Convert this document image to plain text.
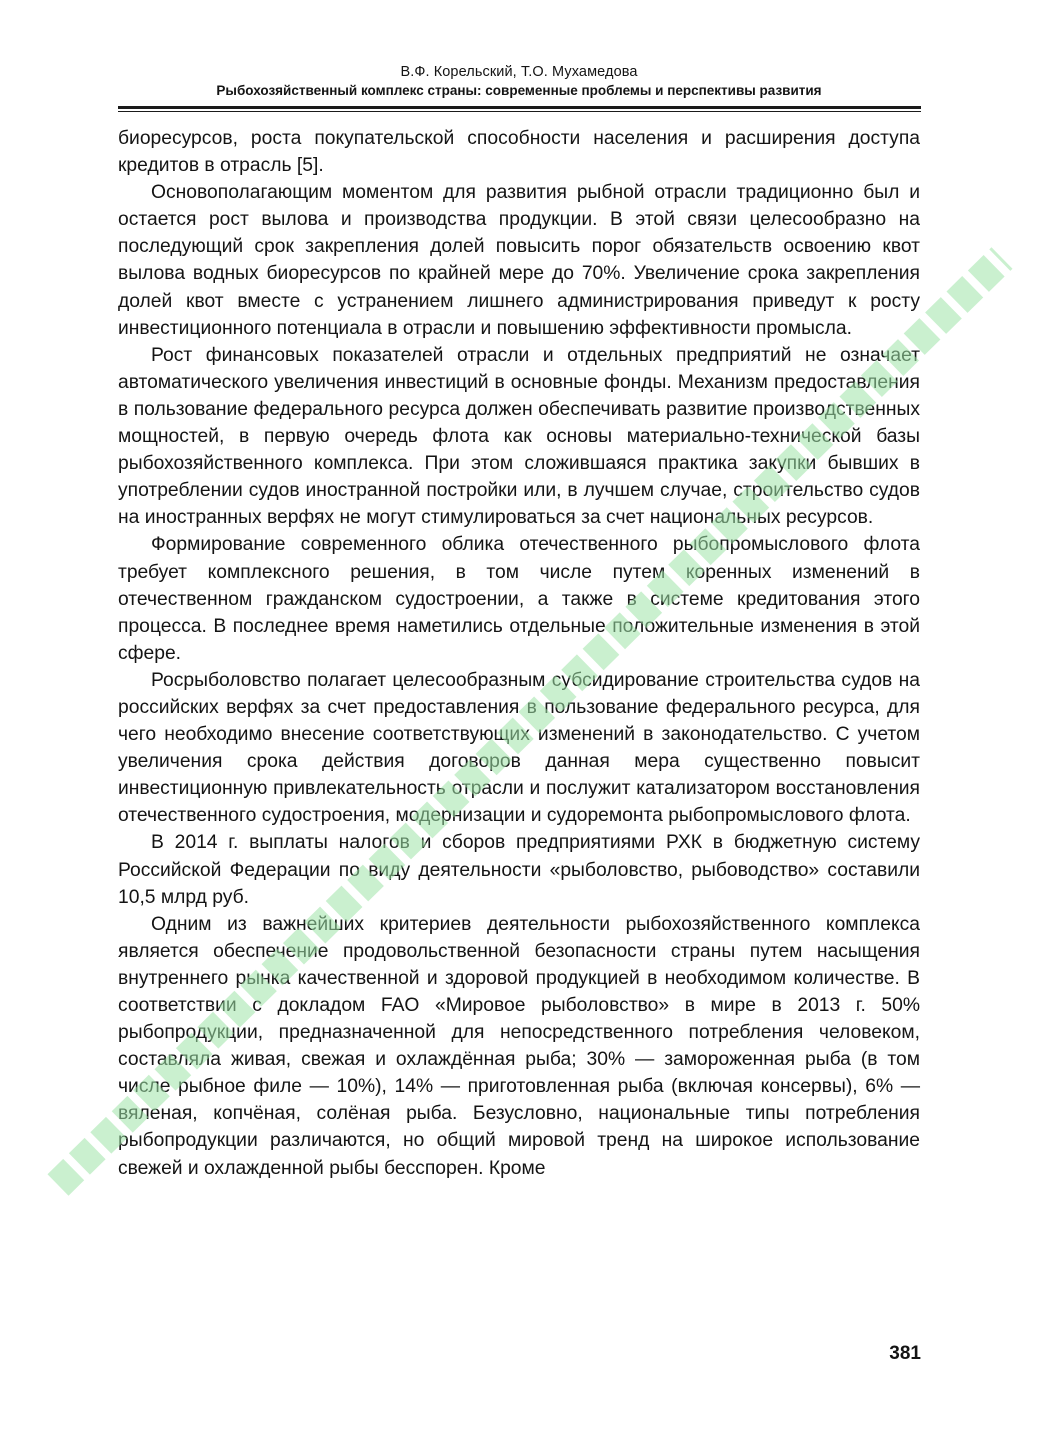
В.Ф. Корельский, Т.О. Мухамедова
Рыбохозяйственный комплекс страны: современные проблемы и перспективы развития

биоресурсов, роста покупательской способности населения и расширения доступа кредитов в отрасль [5].

Основополагающим моментом для развития рыбной отрасли традиционно был и остается рост вылова и производства продукции. В этой связи целесообразно на последующий срок закрепления долей повысить порог обязательств освоению квот вылова водных биоресурсов по крайней мере до 70%. Увеличение срока закрепления долей квот вместе с устранением лишнего администрирования приведут к росту инвестиционного потенциала в отрасли и повышению эффективности промысла.

Рост финансовых показателей отрасли и отдельных предприятий не означает автоматического увеличения инвестиций в основные фонды. Механизм предоставления в пользование федерального ресурса должен обеспечивать развитие производственных мощностей, в первую очередь флота как основы материально-технической базы рыбохозяйственного комплекса. При этом сложившаяся практика закупки бывших в употреблении судов иностранной постройки или, в лучшем случае, строительство судов на иностранных верфях не могут стимулироваться за счет национальных ресурсов.

Формирование современного облика отечественного рыбопромыслового флота требует комплексного решения, в том числе путем коренных изменений в отечественном гражданском судостроении, а также в системе кредитования этого процесса. В последнее время наметились отдельные положительные изменения в этой сфере.

Росрыболовство полагает целесообразным субсидирование строительства судов на российских верфях за счет предоставления в пользование федерального ресурса, для чего необходимо внесение соответствующих изменений в законодательство. С учетом увеличения срока действия договоров данная мера существенно повысит инвестиционную привлекательность отрасли и послужит катализатором восстановления отечественного судостроения, модернизации и судоремонта рыбопромыслового флота.

В 2014 г. выплаты налогов и сборов предприятиями РХК в бюджетную систему Российской Федерации по виду деятельности «рыболовство, рыбоводство» составили 10,5 млрд руб.

Одним из важнейших критериев деятельности рыбохозяйственного комплекса является обеспечение продовольственной безопасности страны путем насыщения внутреннего рынка качественной и здоровой продукцией в необходимом количестве. В соответствии с докладом FAO «Мировое рыболовство» в мире в 2013 г. 50% рыбопродукции, предназначенной для непосредственного потребления человеком, составляла живая, свежая и охлаждённая рыба; 30% — замороженная рыба (в том числе рыбное филе — 10%), 14% — приготовленная рыба (включая консервы), 6% — вяленая, копчёная, солёная рыба. Безусловно, национальные типы потребления рыбопродукции различаются, но общий мировой тренд на широкое использование свежей и охлажденной рыбы бесспорен. Кроме

381
